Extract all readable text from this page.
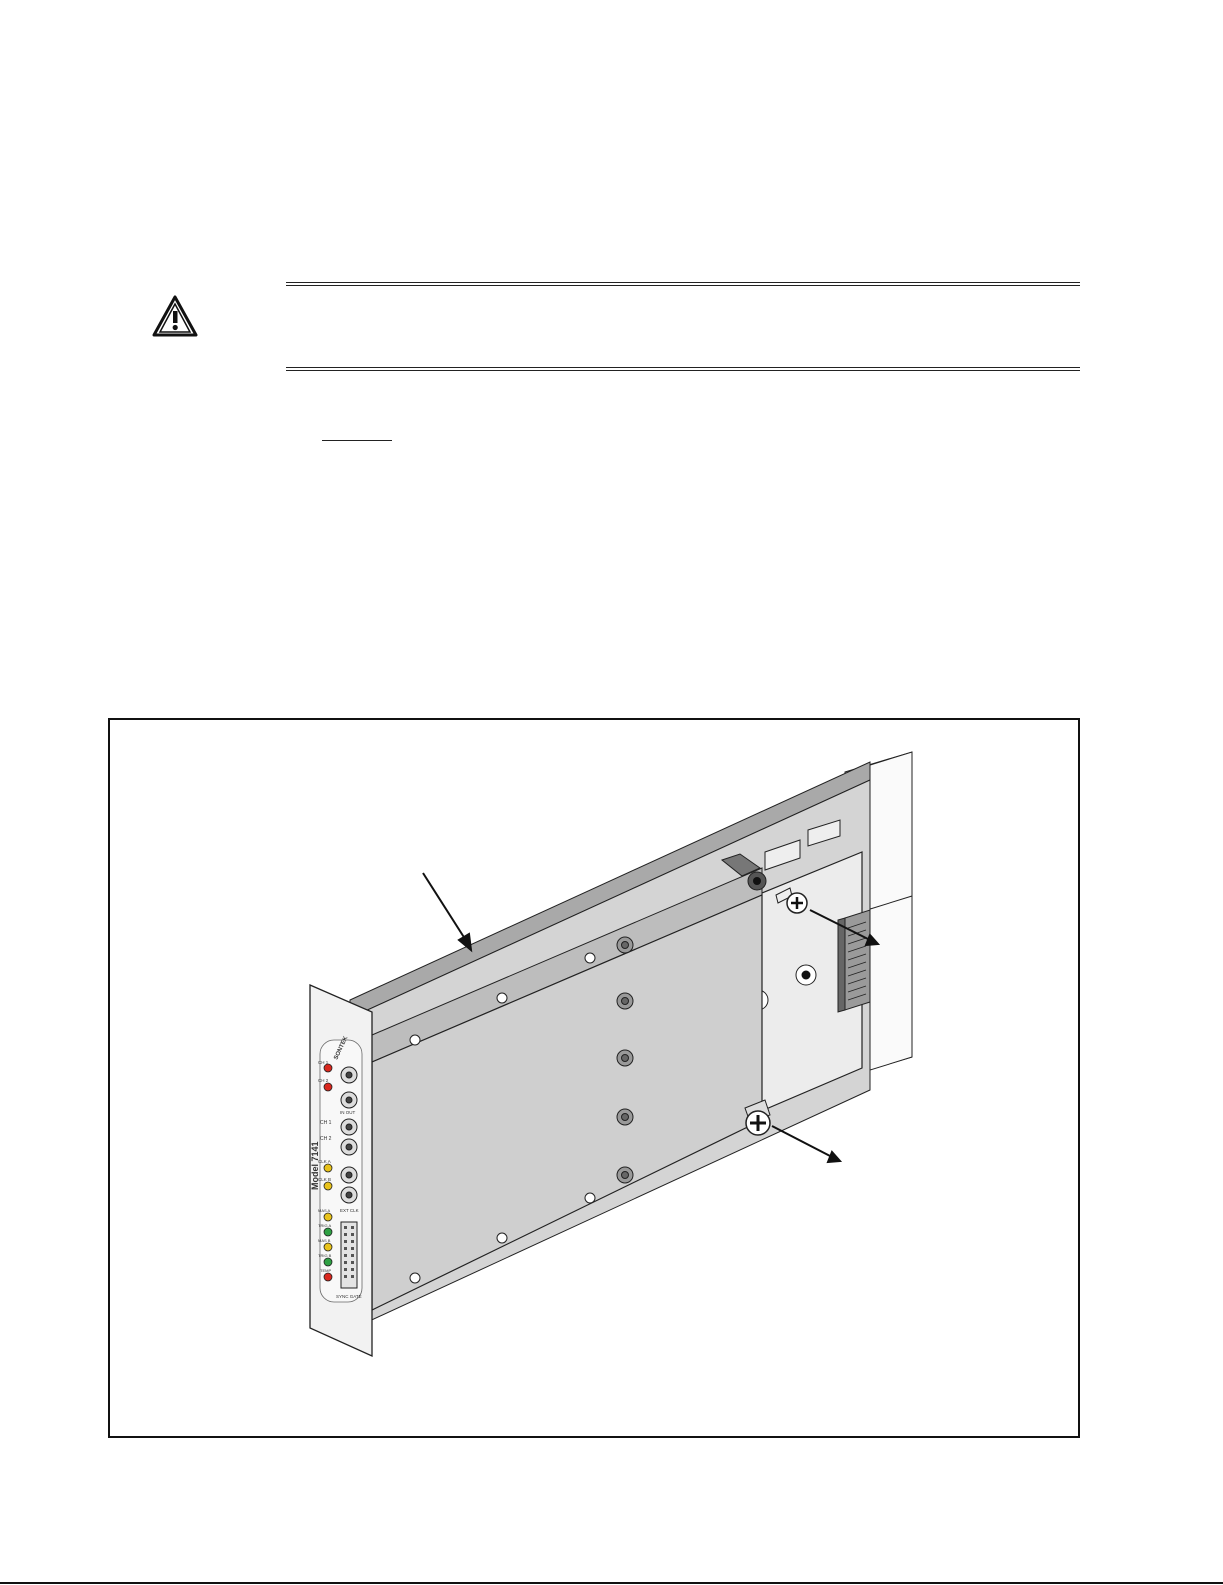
SONTEK
Model 7141
CH 1
CH 2
IN OUT
CH 1
CH 2
CLK A
CLK B
EXT CLK
MAS A
TRIG A
MAS B
TRIG B
TEMP
SYNC GATE
